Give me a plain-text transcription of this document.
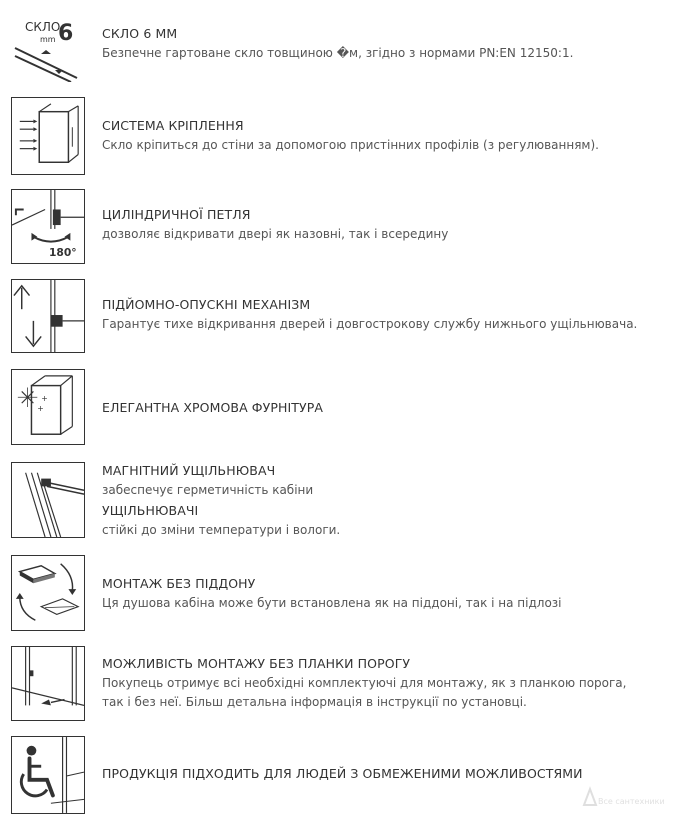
СКЛО
mm 6 СКЛО 6 ММ
Безпечне гартоване скло товщиною �м, згідно з нормами PN:EN 12150:1.
СИСТЕМА КРІПЛЕННЯ
Скло кріпиться до стіни за допомогою пристінних профілів (з регулюванням).
180°
ЦИЛІНДРИЧНОЇ ПЕТЛЯ
дозволяє відкривати двері як назовні, так і всередину
ПІДЙОМНО-ОПУСКНІ МЕХАНІЗМ
Гарантує тихе відкривання дверей і довгострокову службу нижнього ущільнювача.
+
+	ЕЛЕГАНТНА ХРОМОВА ФУРНІТУРА
МАГНІТНИЙ УЩІЛЬНЮВАЧ
забеспечує герметичність кабіни
УЩІЛЬНЮВАЧІ
стійкі до зміни температури і вологи.
МОНТАЖ БЕЗ ПІДДОНУ
Ця душова кабіна може бути встановлена як на піддоні, так і на підлозі
МОЖЛИВІСТЬ МОНТАЖУ БЕЗ ПЛАНКИ ПОРОГУ
Покупець отримує всі необхідні комплектуючі для монтажу, як з планкою порога,
так і без неї. Більш детальна інформація в інструкції по установці.
ПРОДУКЦІЯ ПІДХОДИТЬ ДЛЯ ЛЮДЕЙ З ОБМЕЖЕНИМИ МОЖЛИВОСТЯМИ
Все сантехники
